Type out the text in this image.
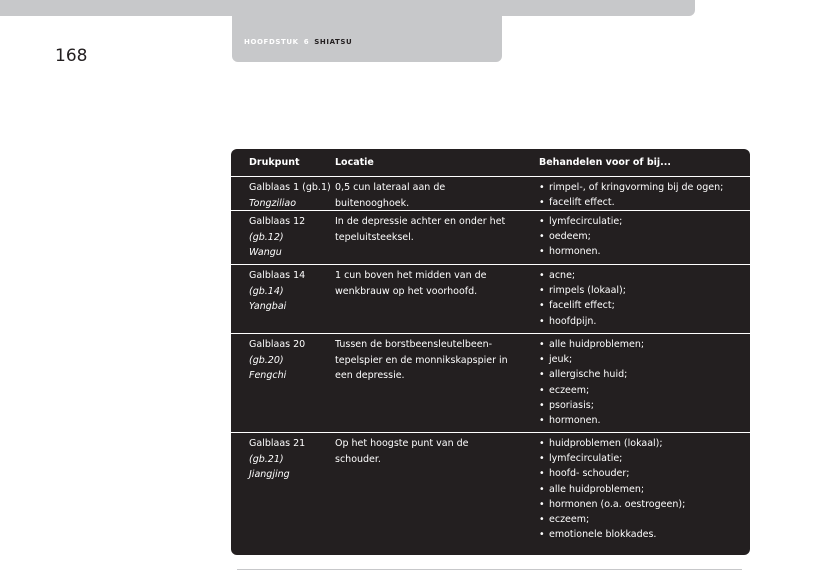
HOOFDSTUK 6 SHIATSU
168
Drukpunt	Locatie	Behandelen voor of bij...
Galblaas 1 (gb.1)
Tongziliao
0,5 cun lateraal aan de
buitenooghoek.
• rimpel-, of kringvorming bij de ogen;
• facelift effect.
Galblaas 12
(gb.12)
Wangu
In de depressie achter en onder het
tepeluitsteeksel.
• lymfecirculatie;
• oedeem;
• hormonen.
Galblaas 14
(gb.14)
Yangbai
1 cun boven het midden van de
wenkbrauw op het voorhoofd.
• acne;
• rimpels (lokaal);
• facelift effect;
• hoofdpijn.
Galblaas 20
(gb.20)
Fengchi
Tussen de borstbeensleutelbeen-
tepelspier en de monnikskapspier in
een depressie.
• alle huidproblemen;
• jeuk;
• allergische huid;
• eczeem;
• psoriasis;
• hormonen.
Galblaas 21
(gb.21)
Jiangjing
Op het hoogste punt van de
schouder.
• huidproblemen (lokaal);
• lymfecirculatie;
• hoofd- schouder;
• alle huidproblemen;
• hormonen (o.a. oestrogeen);
• eczeem;
• emotionele blokkades.
